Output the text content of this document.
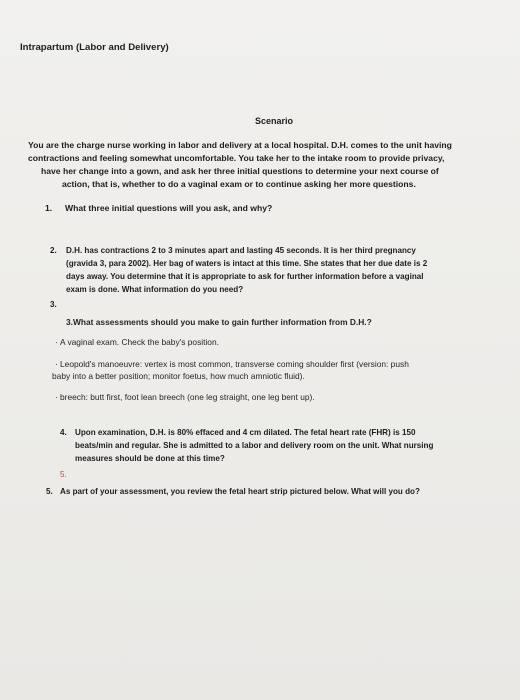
Intrapartum (Labor and Delivery)
Scenario
You are the charge nurse working in labor and delivery at a local hospital. D.H. comes to the unit having
contractions and feeling somewhat uncomfortable. You take her to the intake room to provide privacy,
have her change into a gown, and ask her three initial questions to determine your next course of
action, that is, whether to do a vaginal exam or to continue asking her more questions.
1. What three initial questions will you ask, and why?
2. D.H. has contractions 2 to 3 minutes apart and lasting 45 seconds. It is her third pregnancy
(gravida 3, para 2002). Her bag of waters is intact at this time. She states that her due date is 2
days away. You determine that it is appropriate to ask for further information before a vaginal
exam is done. What information do you need?
3.
3.What assessments should you make to gain further information from D.H.?
· A vaginal exam. Check the baby's position.
· Leopold's manoeuvre: vertex is most common, transverse coming shoulder first (version: push
baby into a better position; monitor foetus, how much amniotic fluid).
· breech: butt first, foot lean breech (one leg straight, one leg bent up).
4. Upon examination, D.H. is 80% effaced and 4 cm dilated. The fetal heart rate (FHR) is 150
beats/min and regular. She is admitted to a labor and delivery room on the unit. What nursing
measures should be done at this time?
5.
5. As part of your assessment, you review the fetal heart strip pictured below. What will you do?
